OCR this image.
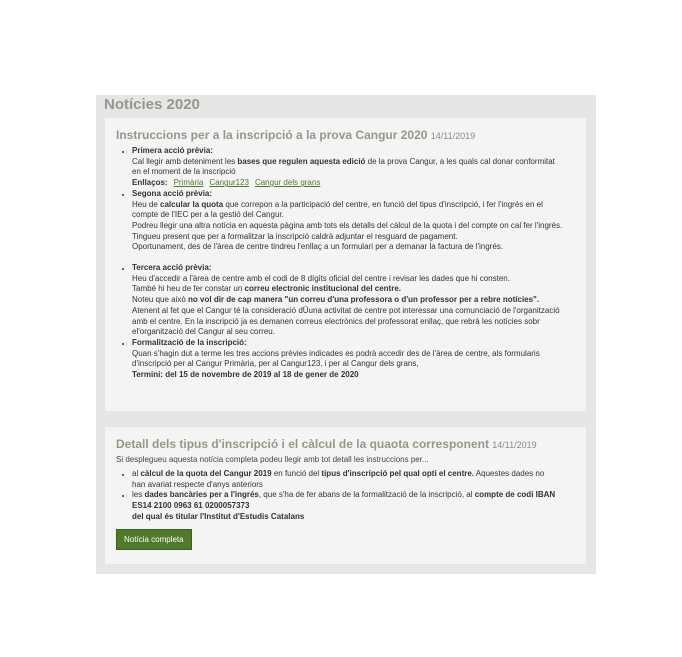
Notícies 2020
Instruccions per a la inscripció a la prova Cangur 2020 14/11/2019
• Primera acció prèvia:
Cal llegir amb deteniment les bases que regulen aquesta edició de la prova Cangur, a les quals cal donar conformitat
en el moment de la inscripció
Enllaços: Primària Cangur123 Cangur dels grans
• Segona acció prèvia:
Heu de calcular la quota que correpon a la participació del centre, en funció del tipus d'inscripció, i fer l'ingrés en el
compte de l'IEC per a la gestió del Cangur.
Podreu llegir una altra notícia en aquesta pàgina amb tots els detalls del càlcul de la quota i del compte on cal fer l'ingrés.
Tingueu present que per a formalitzar la inscripció caldrà adjuntar el resguard de pagament.
Oportunament, des de l'àrea de centre tindreu l'enllaç a un formulari per a demanar la factura de l'ingrés.
• Tercera acció prèvia:
Heu d'accedir a l'àrea de centre amb el codi de 8 dígits oficial del centre i revisar les dades que hi consten.
També hi heu de fer constar un correu electronic institucional del centre.
Noteu que això no vol dir de cap manera "un correu d'una professora o d'un professor per a rebre notícies".
Atenent al fet que el Cangur té la consideració dÜuna activitat de centre pot interessar una comunciació de l'organització
amb el centre. En la inscripció ja es demanen correus electrònics del professorat enllaç, que rebrà les notícies sobr
el'organització del Cangur al seu correu.
• Formalització de la inscripció:
Quan s'hagin dut a terme les tres accions prèvies indicades es podrà accedir des de l'àrea de centre, als formularis
d'inscripció per al Cangur Primària, per al Cangur123, i per al Cangur dels grans,
Termini: del 15 de novembre de 2019 al 18 de gener de 2020
Detall dels tipus d'inscripció i el càlcul de la quaota corresponent 14/11/2019

Si desplegueu aquesta notícia completa podeu llegir amb tot detall les instruccions per...

• al càlcul de la quota del Cangur 2019 en funció del tipus d'inscripció pel qual opti el centre. Aquestes dades no
han avariat respecte d'anys anteriors
• les dades bancàries per a l'ingrés, que s'ha de fer abans de la formalització de la inscripció, al compte de codi IBAN
ES14 2100 0963 61 0200057373
del qual és titular l'Institut d'Estudis Catalans
Notícia completa
